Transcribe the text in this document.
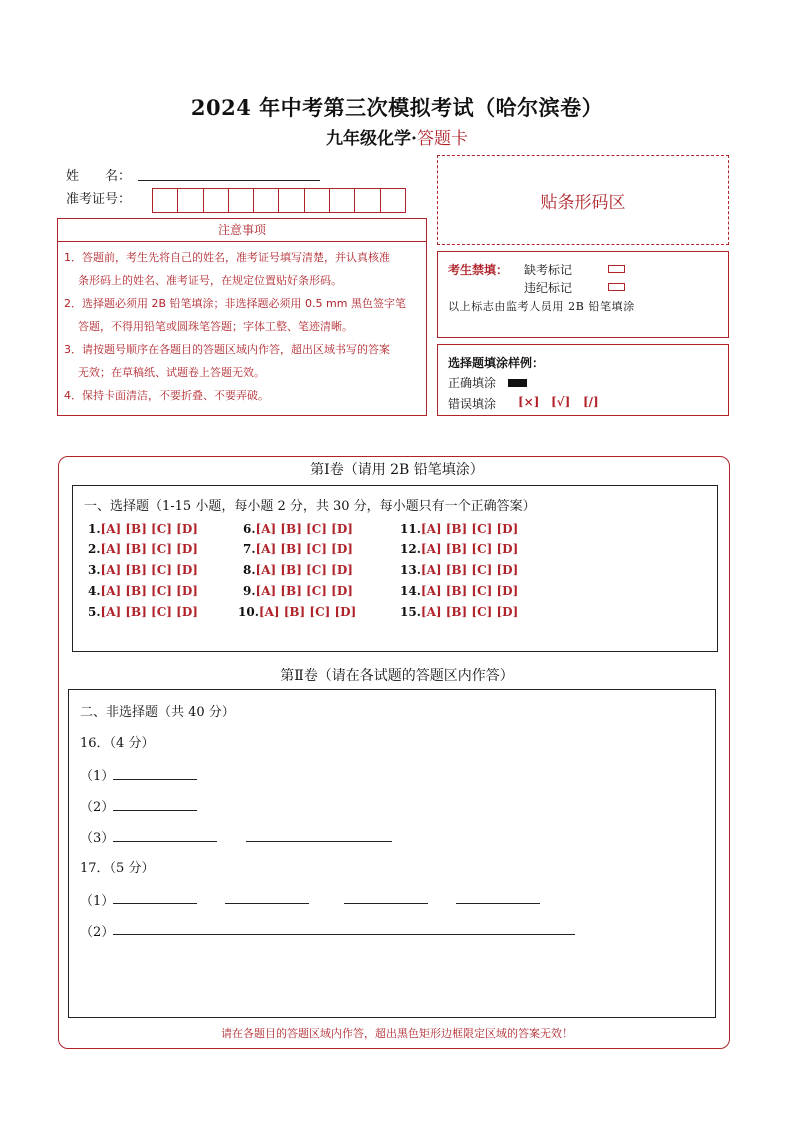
2024 年中考第三次模拟考试（哈尔滨卷）
九年级化学·答题卡
姓　　名：
准考证号：	贴条形码区
注意事项
1．答题前，考生先将自己的姓名，准考证号填写清楚，并认真核准
条形码上的姓名、准考证号，在规定位置贴好条形码。
2．选择题必须用 2B 铅笔填涂；非选择题必须用 0.5 mm 黑色签字笔
答题，不得用铅笔或圆珠笔答题；字体工整、笔迹清晰。
3．请按题号顺序在各题目的答题区域内作答，超出区域书写的答案
无效；在草稿纸、试题卷上答题无效。
4．保持卡面清洁，不要折叠、不要弄破。
考生禁填： 缺考标记
违纪标记
以上标志由监考人员用 2B 铅笔填涂
选择题填涂样例：
正确填涂
错误填涂 [×] [√] [/]
第Ⅰ卷（请用 2B 铅笔填涂）
一、选择题（1-15 小题，每小题 2 分，共 30 分，每小题只有一个正确答案）
1.[A] [B] [C] [D]
2.[A] [B] [C] [D]
3.[A] [B] [C] [D]
4.[A] [B] [C] [D]
5.[A] [B] [C] [D]
6.[A] [B] [C] [D]
7.[A] [B] [C] [D]
8.[A] [B] [C] [D]
9.[A] [B] [C] [D]
10.[A] [B] [C] [D]
11.[A] [B] [C] [D]
12.[A] [B] [C] [D]
13.[A] [B] [C] [D]
14.[A] [B] [C] [D]
15.[A] [B] [C] [D]
第Ⅱ卷（请在各试题的答题区内作答）
二、非选择题（共 40 分）
16．（4 分）
（1）
（2）
（3）
17．（5 分）
（1）
（2）
请在各题目的答题区域内作答，超出黑色矩形边框限定区域的答案无效！
